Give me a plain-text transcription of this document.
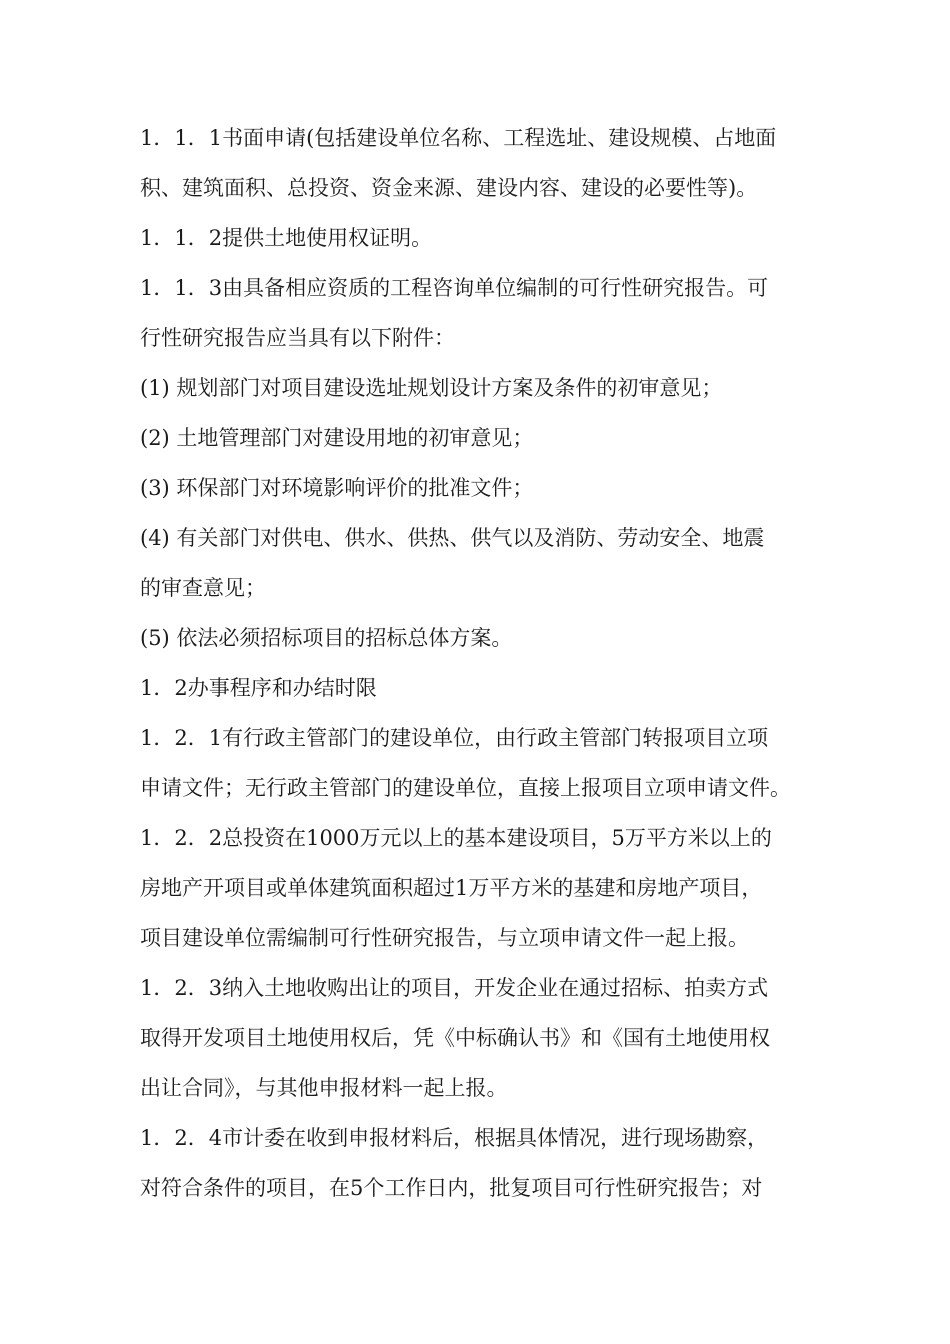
1．1．1书面申请(包括建设单位名称、工程选址、建设规模、占地面
积、建筑面积、总投资、资金来源、建设内容、建设的必要性等)。
1．1．2提供土地使用权证明。
1．1．3由具备相应资质的工程咨询单位编制的可行性研究报告。可
行性研究报告应当具有以下附件：
(1) 规划部门对项目建设选址规划设计方案及条件的初审意见；
(2) 土地管理部门对建设用地的初审意见；
(3) 环保部门对环境影响评价的批准文件；
(4) 有关部门对供电、供水、供热、供气以及消防、劳动安全、地震
的审查意见；
(5) 依法必须招标项目的招标总体方案。
1．2办事程序和办结时限
1．2．1有行政主管部门的建设单位，由行政主管部门转报项目立项
申请文件；无行政主管部门的建设单位，直接上报项目立项申请文件。
1．2．2总投资在1000万元以上的基本建设项目，5万平方米以上的
房地产开项目或单体建筑面积超过1万平方米的基建和房地产项目，
项目建设单位需编制可行性研究报告，与立项申请文件一起上报。
1．2．3纳入土地收购出让的项目，开发企业在通过招标、拍卖方式
取得开发项目土地使用权后，凭《中标确认书》和《国有土地使用权
出让合同》，与其他申报材料一起上报。
1．2．4市计委在收到申报材料后，根据具体情况，进行现场勘察，
对符合条件的项目，在5个工作日内，批复项目可行性研究报告；对
